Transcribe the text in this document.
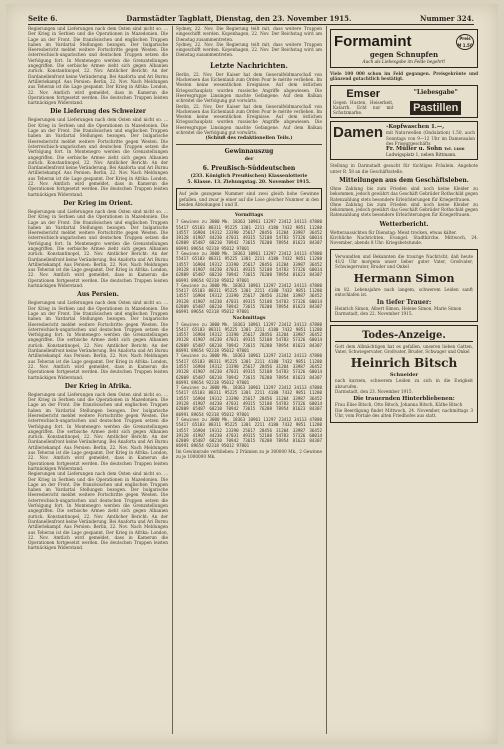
Seite 6.	Darmstädter Tagblatt, Dienstag, den 23. November 1915.	Nummer 324.

Regierungen und Lieferungen nach dem Osten sind nicht so. ... Der Krieg in Serbien und die Operationen in Mazedonien. Die Lage an der Front. Die französischen und englischen Truppen haben im Vardartal Stellungen bezogen. Der bulgarische Heeresbericht meldet weitere Fortschritte gegen Westen. Die österreichisch-ungarischen und deutschen Truppen setzen die Verfolgung fort. In Montenegro werden die Grenzstellungen angegriffen. Die serbische Armee zieht sich gegen Albanien zurück. Konstantinopel, 22. Nov. Amtlicher Bericht: An der Dardanellenfront keine Veränderung. Bei Anaforta und Ari Burnu Artilleriekampf. Aus Persien: Berlin, 22. Nov. Nach Meldungen aus Teheran ist die Lage gespannt. Der Krieg in Afrika: London, 22. Nov. Amtlich wird gemeldet, dass in Kamerun die Operationen fortgesetzt werden. Die deutschen Truppen leisten hartnäckigen Widerstand.

Die Lieferung des Schweizer

Regierungen und Lieferungen nach dem Osten sind nicht so. ... Der Krieg in Serbien und die Operationen in Mazedonien. Die Lage an der Front. Die französischen und englischen Truppen haben im Vardartal Stellungen bezogen. Der bulgarische Heeresbericht meldet weitere Fortschritte gegen Westen. Die österreichisch-ungarischen und deutschen Truppen setzen die Verfolgung fort. In Montenegro werden die Grenzstellungen angegriffen. Die serbische Armee zieht sich gegen Albanien zurück. Konstantinopel, 22. Nov. Amtlicher Bericht: An der Dardanellenfront keine Veränderung. Bei Anaforta und Ari Burnu Artilleriekampf. Aus Persien: Berlin, 22. Nov. Nach Meldungen aus Teheran ist die Lage gespannt. Der Krieg in Afrika: London, 22. Nov. Amtlich wird gemeldet, dass in Kamerun die Operationen fortgesetzt werden. Die deutschen Truppen leisten hartnäckigen Widerstand.

Der Krieg im Orient.

Regierungen und Lieferungen nach dem Osten sind nicht so. ... Der Krieg in Serbien und die Operationen in Mazedonien. Die Lage an der Front. Die französischen und englischen Truppen haben im Vardartal Stellungen bezogen. Der bulgarische Heeresbericht meldet weitere Fortschritte gegen Westen. Die österreichisch-ungarischen und deutschen Truppen setzen die Verfolgung fort. In Montenegro werden die Grenzstellungen angegriffen. Die serbische Armee zieht sich gegen Albanien zurück. Konstantinopel, 22. Nov. Amtlicher Bericht: An der Dardanellenfront keine Veränderung. Bei Anaforta und Ari Burnu Artilleriekampf. Aus Persien: Berlin, 22. Nov. Nach Meldungen aus Teheran ist die Lage gespannt. Der Krieg in Afrika: London, 22. Nov. Amtlich wird gemeldet, dass in Kamerun die Operationen fortgesetzt werden. Die deutschen Truppen leisten hartnäckigen Widerstand.

Aus Persien.

Regierungen und Lieferungen nach dem Osten sind nicht so. ... Der Krieg in Serbien und die Operationen in Mazedonien. Die Lage an der Front. Die französischen und englischen Truppen haben im Vardartal Stellungen bezogen. Der bulgarische Heeresbericht meldet weitere Fortschritte gegen Westen. Die österreichisch-ungarischen und deutschen Truppen setzen die Verfolgung fort. In Montenegro werden die Grenzstellungen angegriffen. Die serbische Armee zieht sich gegen Albanien zurück. Konstantinopel, 22. Nov. Amtlicher Bericht: An der Dardanellenfront keine Veränderung. Bei Anaforta und Ari Burnu Artilleriekampf. Aus Persien: Berlin, 22. Nov. Nach Meldungen aus Teheran ist die Lage gespannt. Der Krieg in Afrika: London, 22. Nov. Amtlich wird gemeldet, dass in Kamerun die Operationen fortgesetzt werden. Die deutschen Truppen leisten hartnäckigen Widerstand.

Der Krieg in Afrika.

Regierungen und Lieferungen nach dem Osten sind nicht so. ... Der Krieg in Serbien und die Operationen in Mazedonien. Die Lage an der Front. Die französischen und englischen Truppen haben im Vardartal Stellungen bezogen. Der bulgarische Heeresbericht meldet weitere Fortschritte gegen Westen. Die österreichisch-ungarischen und deutschen Truppen setzen die Verfolgung fort. In Montenegro werden die Grenzstellungen angegriffen. Die serbische Armee zieht sich gegen Albanien zurück. Konstantinopel, 22. Nov. Amtlicher Bericht: An der Dardanellenfront keine Veränderung. Bei Anaforta und Ari Burnu Artilleriekampf. Aus Persien: Berlin, 22. Nov. Nach Meldungen aus Teheran ist die Lage gespannt. Der Krieg in Afrika: London, 22. Nov. Amtlich wird gemeldet, dass in Kamerun die Operationen fortgesetzt werden. Die deutschen Truppen leisten hartnäckigen Widerstand.

Regierungen und Lieferungen nach dem Osten sind nicht so. ... Der Krieg in Serbien und die Operationen in Mazedonien. Die Lage an der Front. Die französischen und englischen Truppen haben im Vardartal Stellungen bezogen. Der bulgarische Heeresbericht meldet weitere Fortschritte gegen Westen. Die österreichisch-ungarischen und deutschen Truppen setzen die Verfolgung fort. In Montenegro werden die Grenzstellungen angegriffen. Die serbische Armee zieht sich gegen Albanien zurück. Konstantinopel, 22. Nov. Amtlicher Bericht: An der Dardanellenfront keine Veränderung. Bei Anaforta und Ari Burnu Artilleriekampf. Aus Persien: Berlin, 22. Nov. Nach Meldungen aus Teheran ist die Lage gespannt. Der Krieg in Afrika: London, 22. Nov. Amtlich wird gemeldet, dass in Kamerun die Operationen fortgesetzt werden. Die deutschen Truppen leisten hartnäckigen Widerstand.

Sydney, 22. Nov. Die Regierung teilt mit, dass weitere Truppen eingeschifft werden. Kopenhagen, 22. Nov. Der Reichstag wird am Dienstag zusammentreten.

Sydney, 22. Nov. Die Regierung teilt mit, dass weitere Truppen eingeschifft werden. Kopenhagen, 22. Nov. Der Reichstag wird am Dienstag zusammentreten.

Letzte Nachrichten.

Berlin, 22. Nov. Der Kaiser hat dem Generalfeldmarschall von Mackensen das Eichenlaub zum Orden Pour le mérite verliehen. Im Westen keine wesentlichen Ereignisse. Auf dem östlichen Kriegsschauplatz wurden russische Angriffe abgewiesen. Die Heeresgruppe Linsingen machte Gefangene. Auf dem Balkan schreitet die Verfolgung gut vorwärts.

Berlin, 22. Nov. Der Kaiser hat dem Generalfeldmarschall von Mackensen das Eichenlaub zum Orden Pour le mérite verliehen. Im Westen keine wesentlichen Ereignisse. Auf dem östlichen Kriegsschauplatz wurden russische Angriffe abgewiesen. Die Heeresgruppe Linsingen machte Gefangene. Auf dem Balkan schreitet die Verfolgung gut vorwärts.

(Schluß des redaktionellen Teils.)
Gewinnauszug
der
6. Preußisch-Süddeutschen
(233. Königlich Preußischen) Klassenlotterie
5. Klasse. 13. Ziehungstag. 20. November 1915.

Auf jede gezogene Nummer sind zwei gleich hohe Gewinne gefallen, und zwar je einer auf die Lose gleicher Nummer in den beiden Abteilungen I und II.

Vormittags

7 Gewinne zu 3000 Mk. 18363 10961 13297 23412 34113 47880 55417 65103 88311 95225 1301 2211 4180 7432 9851 11280 14557 16904 19312 23390 25617 28456 31204 33987 36452 39128 41907 44230 47031 49315 52108 54783 57326 60014 62809 65487 68210 70942 73615 76208 78954 81623 84307 86991 89654 92318 95012 97801

7 Gewinne zu 3000 Mk. 18363 10961 13297 23412 34113 47880 55417 65103 88311 95225 1301 2211 4180 7432 9851 11280 14557 16904 19312 23390 25617 28456 31204 33987 36452 39128 41907 44230 47031 49315 52108 54783 57326 60014 62809 65487 68210 70942 73615 76208 78954 81623 84307 86991 89654 92318 95012 97801

7 Gewinne zu 3000 Mk. 18363 10961 13297 23412 34113 47880 55417 65103 88311 95225 1301 2211 4180 7432 9851 11280 14557 16904 19312 23390 25617 28456 31204 33987 36452 39128 41907 44230 47031 49315 52108 54783 57326 60014 62809 65487 68210 70942 73615 76208 78954 81623 84307 86991 89654 92318 95012 97801

Nachmittags

7 Gewinne zu 3000 Mk. 18363 10961 13297 23412 34113 47880 55417 65103 88311 95225 1301 2211 4180 7432 9851 11280 14557 16904 19312 23390 25617 28456 31204 33987 36452 39128 41907 44230 47031 49315 52108 54783 57326 60014 62809 65487 68210 70942 73615 76208 78954 81623 84307 86991 89654 92318 95012 97801

7 Gewinne zu 3000 Mk. 18363 10961 13297 23412 34113 47880 55417 65103 88311 95225 1301 2211 4180 7432 9851 11280 14557 16904 19312 23390 25617 28456 31204 33987 36452 39128 41907 44230 47031 49315 52108 54783 57326 60014 62809 65487 68210 70942 73615 76208 78954 81623 84307 86991 89654 92318 95012 97801

7 Gewinne zu 3000 Mk. 18363 10961 13297 23412 34113 47880 55417 65103 88311 95225 1301 2211 4180 7432 9851 11280 14557 16904 19312 23390 25617 28456 31204 33987 36452 39128 41907 44230 47031 49315 52108 54783 57326 60014 62809 65487 68210 70942 73615 76208 78954 81623 84307 86991 89654 92318 95012 97801

7 Gewinne zu 3000 Mk. 18363 10961 13297 23412 34113 47880 55417 65103 88311 95225 1301 2211 4180 7432 9851 11280 14557 16904 19312 23390 25617 28456 31204 33987 36452 39128 41907 44230 47031 49315 52108 54783 57326 60014 62809 65487 68210 70942 73615 76208 78954 81623 84307 86991 89654 92318 95012 97801

Im Gewinnrade verblieben: 2 Prämien zu je 300000 Mk., 2 Gewinne zu je 1000000 Mk.

Formamint	Preis M 1.50
gegen Schnupfen
Auch als Liebesgabe im Felde begehrt!

Viele 100 000 schon im Feld gegangen. Preisgekrönte und glänzend gutachtlich bestätigt.

Emser

Gegen Husten, Heiserkeit, Katarrh. Echt nur mit Schutzmarke.

"Liebesgabe"
Pastillen
Damen -Kopfwaschen 1.—,

mit Naturwellen (Ondulation) 1.50, auch Sonntags von 9—12 Uhr im Damensalon des Friseurgeschäfts

Fr. Müller u. Sohn Tel. 1466
Ludwigsplatz 1, neben Rittmann.

Stellung in Darmstadt gesucht für tüchtiges Fräulein. Angebote unter B. 58 an die Geschäftsstelle.

Mitteilungen aus dem Geschäftsleben.

Ohne Zahlung bis zum Frieden sind noch keine Kleider zu bekommen, jedoch gewährt das Geschäft Gebrüder Rothschild gegen Ratenzahlung stets besondere Erleichterungen für Kriegerfrauen.

Ohne Zahlung bis zum Frieden sind noch keine Kleider zu bekommen, jedoch gewährt das Geschäft Gebrüder Rothschild gegen Ratenzahlung stets besondere Erleichterungen für Kriegerfrauen.

Wetterbericht.

Wetteraussichten für Dienstag: Meist trocken, etwas kälter.

Kirchliche Nachrichten. Evangel. Stadtkirche. Mittwoch, 24. November, abends 8 Uhr: Kriegsbetstunde.

Verwandten und Bekannten die traurige Nachricht, daß heute 41/2 Uhr morgens unser lieber guter Vater, Großvater, Schwiegervater, Bruder und Onkel

Hermann Simon

im 82. Lebensjahre nach langem, schwerem Leiden sanft entschlafen ist.

In tiefer Trauer:

Heinrich Simon, Albert Simon, Helene Simon, Marie Simon

Darmstadt, den 22. November 1915.

Todes-Anzeige.

Gott dem Allmächtigen hat es gefallen, unseren lieben Gatten, Vater, Schwiegervater, Großvater, Bruder, Schwager und Onkel

Heinrich Bitsch
Schneider

nach kurzem, schwerem Leiden zu sich in die Ewigkeit abzurufen.

Darmstadt, den 23. November 1915.

Die trauernden Hinterbliebenen:

Frau Elise Bitsch, Otto Bitsch, Johanna Bitsch, Käthe Bitsch

Die Beerdigung findet Mittwoch, 24. November, nachmittags 3 Uhr, vom Portale des alten Friedhofes aus statt.
